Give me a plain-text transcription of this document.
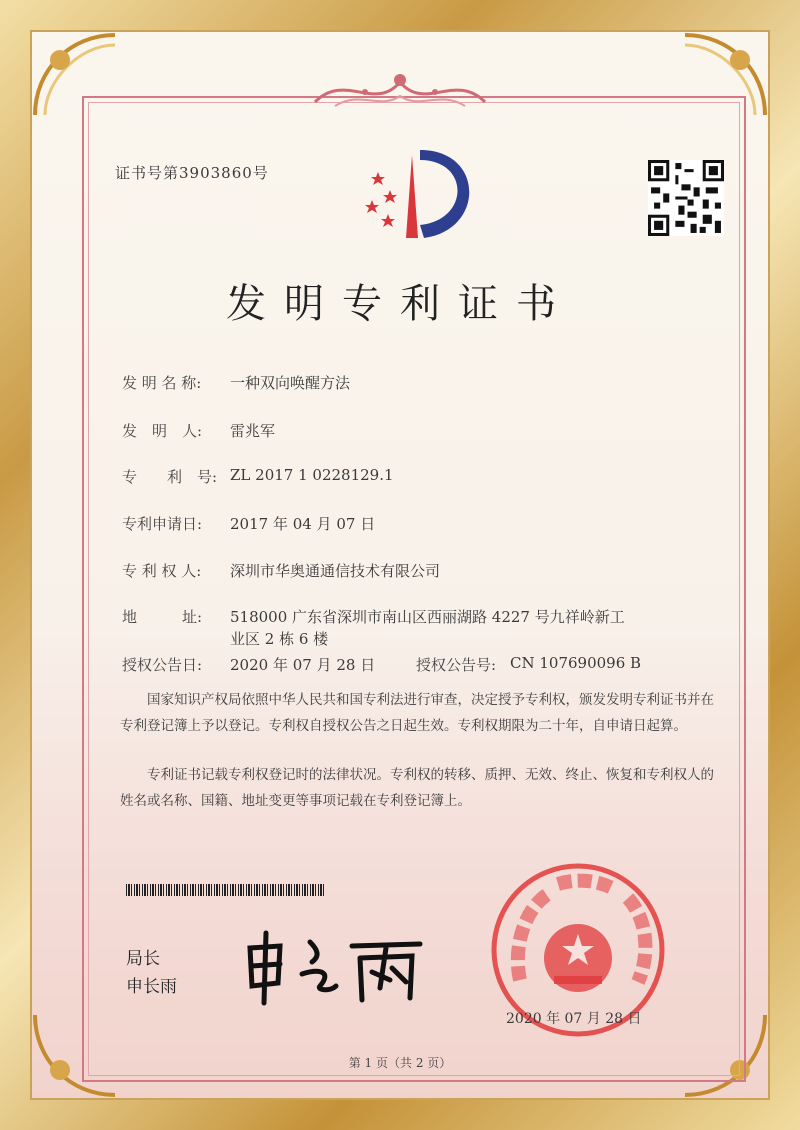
证书号第3903860号
发明专利证书
发 明 名 称: 一种双向唤醒方法
发　明　人: 雷兆军
专　　利　号: ZL 2017 1 0228129.1
专利申请日: 2017 年 04 月 07 日
专 利 权 人: 深圳市华奥通通信技术有限公司
地　　　址: 518000 广东省深圳市南山区西丽湖路 4227 号九祥岭新工
业区 2 栋 6 楼
授权公告日: 2020 年 07 月 28 日	授权公告号: CN 107690096 B
　　国家知识产权局依照中华人民共和国专利法进行审查，决定授予专利权，颁发发明专利证书并在专利登记簿上予以登记。专利权自授权公告之日起生效。专利权期限为二十年，自申请日起算。
　　专利证书记载专利权登记时的法律状况。专利权的转移、质押、无效、终止、恢复和专利权人的姓名或名称、国籍、地址变更等事项记载在专利登记簿上。
局长
申长雨
2020 年 07 月 28 日
第 1 页（共 2 页）
